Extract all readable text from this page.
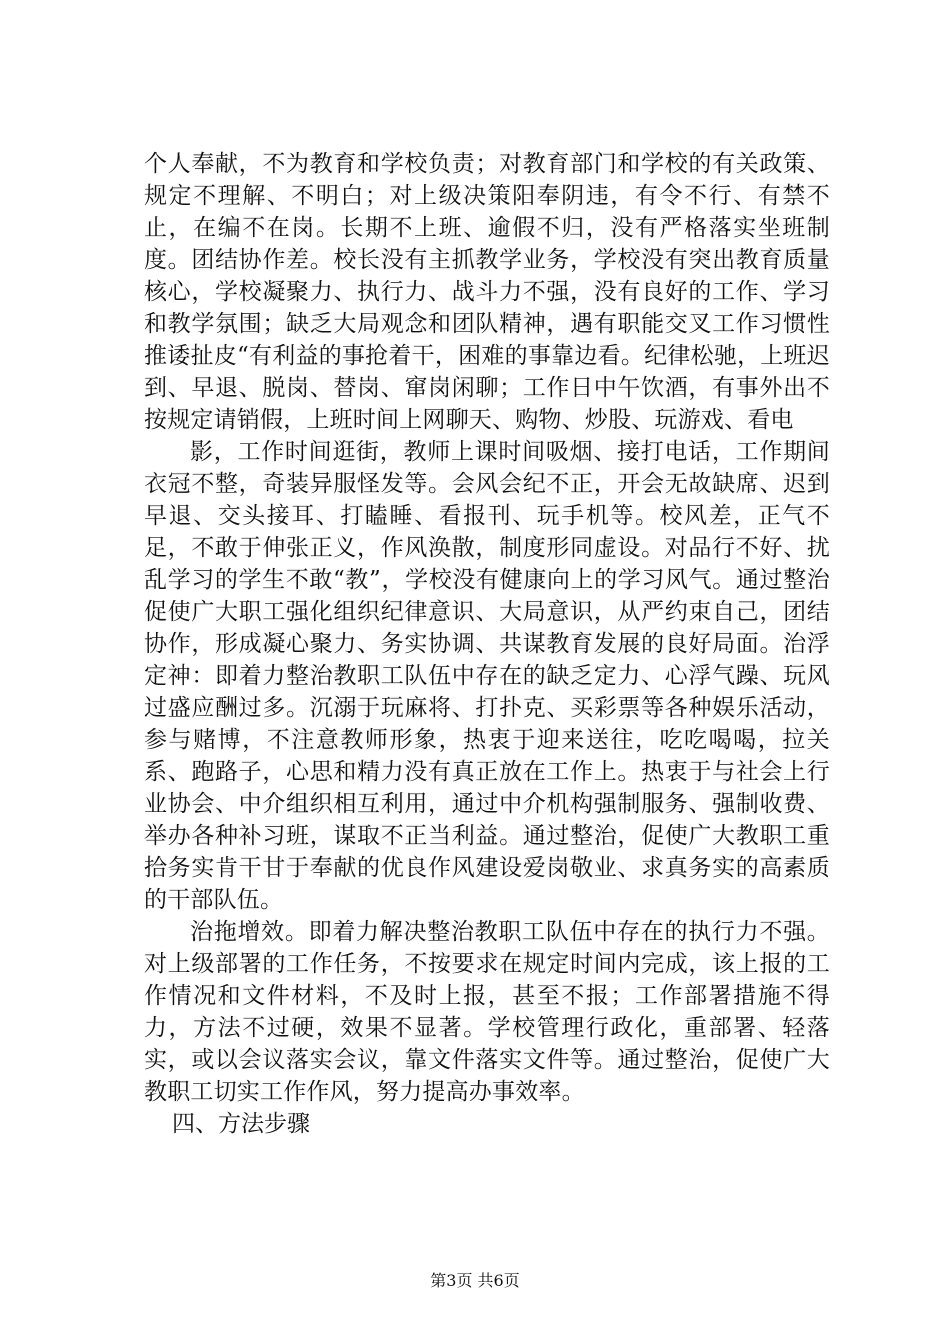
个人奉献，不为教育和学校负责；对教育部门和学校的有关政策、规定不理解、不明白；对上级决策阳奉阴违，有令不行、有禁不止，在编不在岗。长期不上班、逾假不归，没有严格落实坐班制度。团结协作差。校长没有主抓教学业务，学校没有突出教育质量核心，学校凝聚力、执行力、战斗力不强，没有良好的工作、学习和教学氛围；缺乏大局观念和团队精神，遇有职能交叉工作习惯性推诿扯皮“有利益的事抢着干，困难的事靠边看。纪律松驰，上班迟到、早退、脱岗、替岗、窜岗闲聊；工作日中午饮酒，有事外出不按规定请销假，上班时间上网聊天、购物、炒股、玩游戏、看电

影，工作时间逛街，教师上课时间吸烟、接打电话，工作期间衣冠不整，奇装异服怪发等。会风会纪不正，开会无故缺席、迟到早退、交头接耳、打瞌睡、看报刊、玩手机等。校风差，正气不足，不敢于伸张正义，作风涣散，制度形同虚设。对品行不好、扰乱学习的学生不敢“教”，学校没有健康向上的学习风气。通过整治促使广大职工强化组织纪律意识、大局意识，从严约束自己，团结协作，形成凝心聚力、务实协调、共谋教育发展的良好局面。治浮定神：即着力整治教职工队伍中存在的缺乏定力、心浮气躁、玩风过盛应酬过多。沉溺于玩麻将、打扑克、买彩票等各种娱乐活动，参与赌博，不注意教师形象，热衷于迎来送往，吃吃喝喝，拉关系、跑路子，心思和精力没有真正放在工作上。热衷于与社会上行业协会、中介组织相互利用，通过中介机构强制服务、强制收费、举办各种补习班，谋取不正当利益。通过整治，促使广大教职工重拾务实肯干甘于奉献的优良作风建设爱岗敬业、求真务实的高素质的干部队伍。

治拖增效。即着力解决整治教职工队伍中存在的执行力不强。对上级部署的工作任务，不按要求在规定时间内完成，该上报的工作情况和文件材料，不及时上报，甚至不报；工作部署措施不得力，方法不过硬，效果不显著。学校管理行政化，重部署、轻落实，或以会议落实会议，靠文件落实文件等。通过整治，促使广大教职工切实工作作风，努力提高办事效率。

四、方法步骤

第3页 共6页
